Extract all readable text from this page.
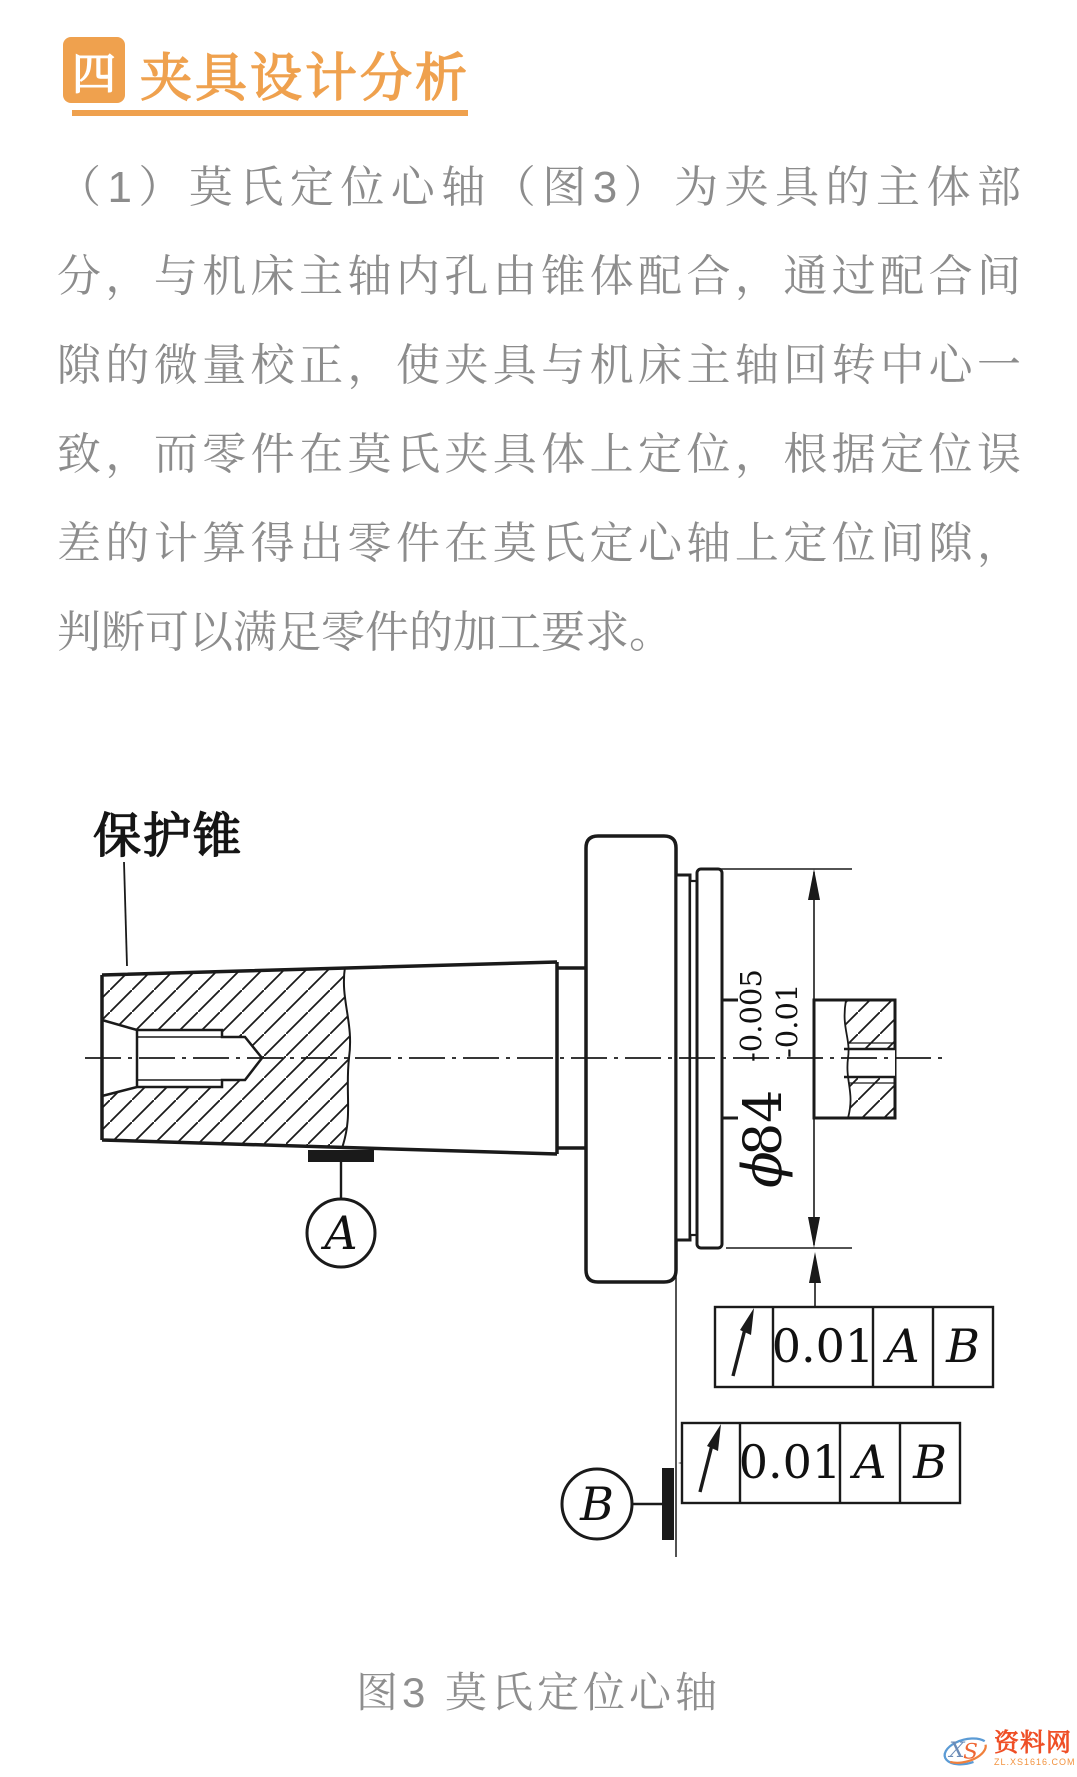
四 夹具设计分析
（1）莫氏定位心轴（图3）为夹具的主体部
分，与机床主轴内孔由锥体配合，通过配合间
隙的微量校正，使夹具与机床主轴回转中心一
致，而零件在莫氏夹具体上定位，根据定位误
差的计算得出零件在莫氏定心轴上定位间隙，
判断可以满足零件的加工要求。
保护锥
ϕ
84
-0.005 -0.01
A
B
0.01 A B
0.01 A B
图3 莫氏定位心轴
X
S 资料网
ZL.XS1616.COM
